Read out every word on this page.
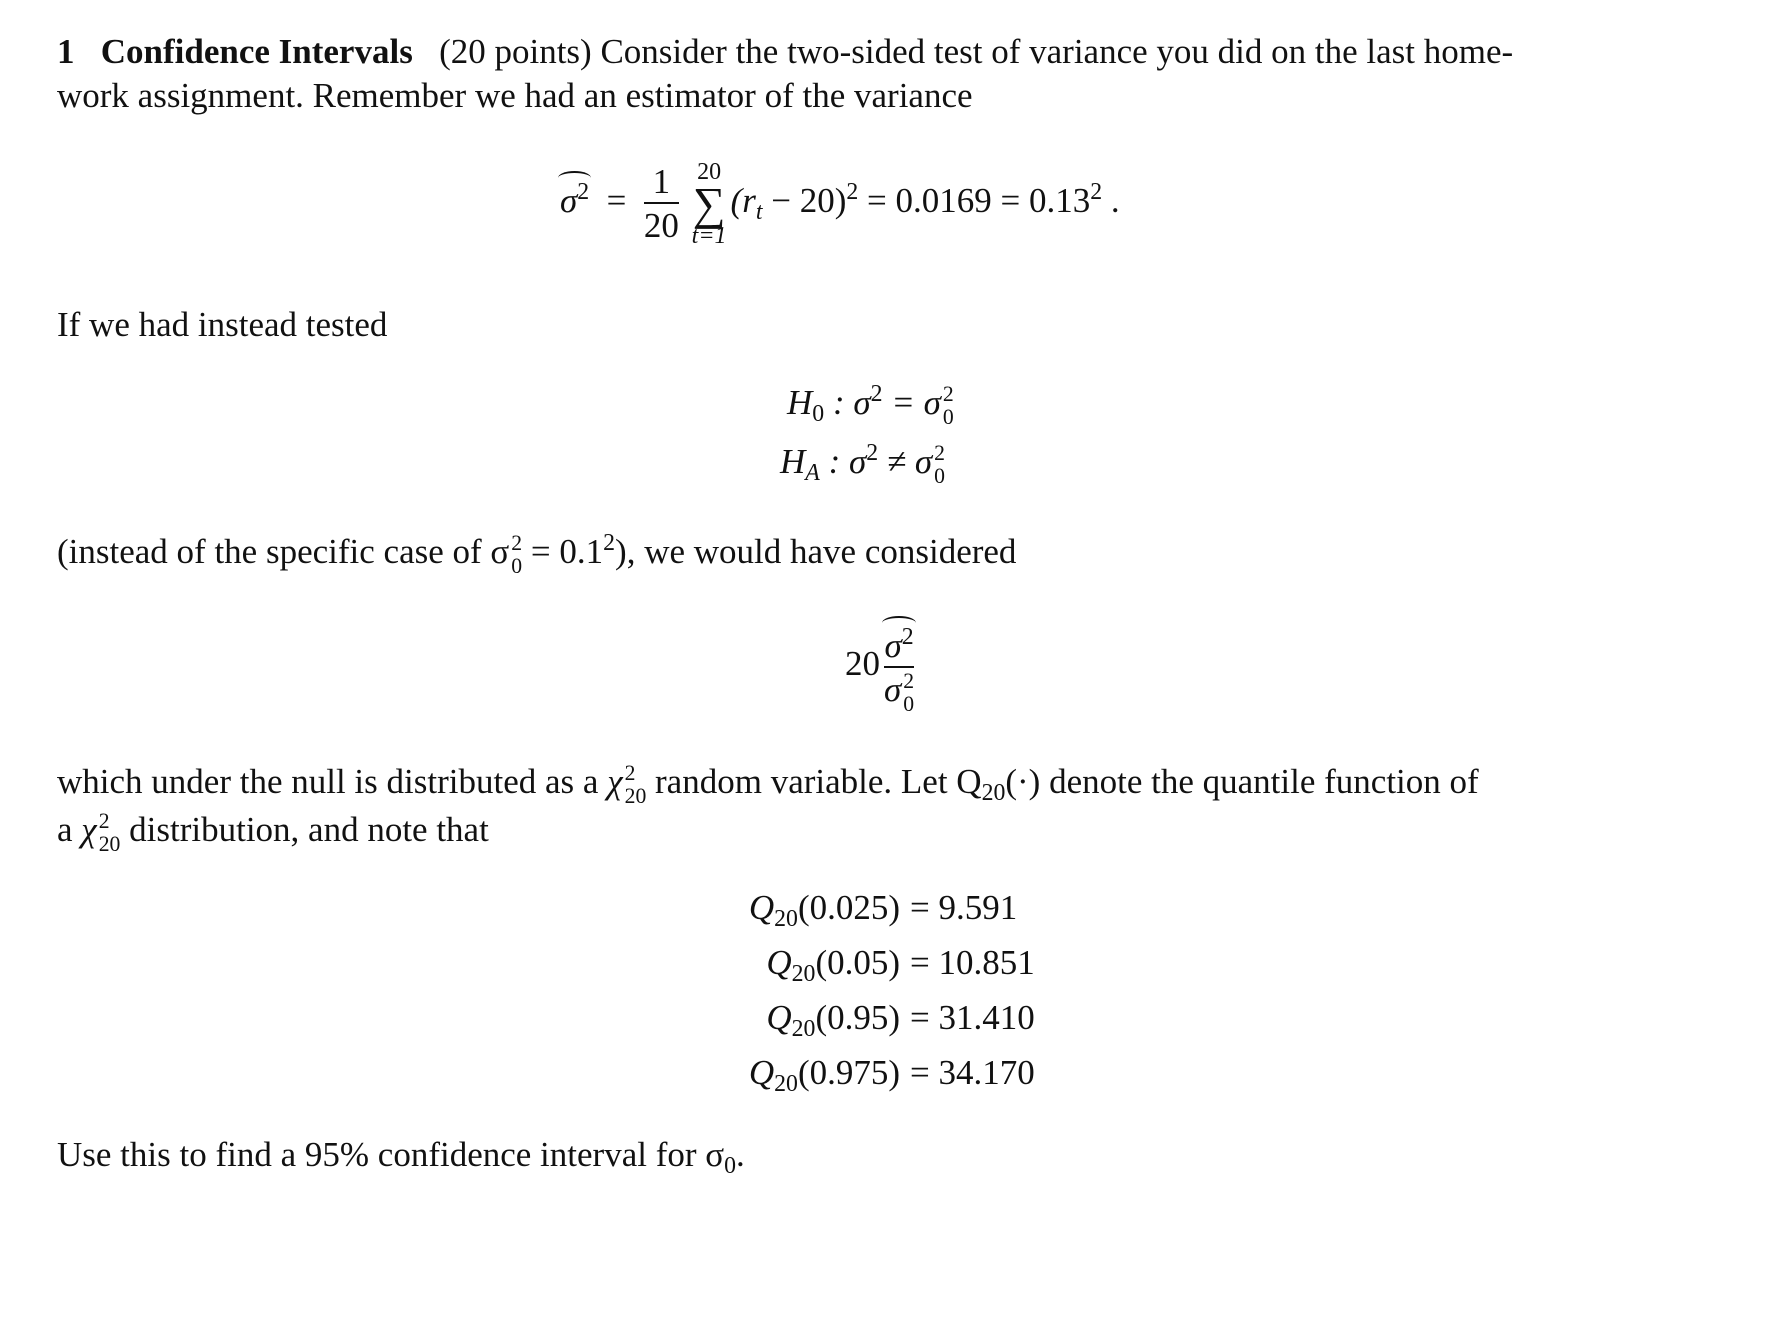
1 Confidence Intervals (20 points) Consider the two-sided test of variance you did on the last home-
work assignment. Remember we had an estimator of the variance

$\sigma^2 = \frac{1}{20}$
20
∑
t=1
$(r_t - 20)^2 = 0.0169 = 0.13^2$ .

If we had instead tested

$H_0$ : $\sigma^2 = \sigma$ 2
0
$H_A$ : $\sigma^2 \ne \sigma$ 2
0

(instead of the specific case of σ 2
$0 = 0.1^2$), we would have considered

20 $\sigma^2$
σ 2
0

which under the null is distributed as a χ 2
20 random variable. Let $Q_{20}(\cdot)$ denote the quantile function of
a χ 2
20 distribution, and note that

$Q_{20}(0.025) = 9.591$
$Q_{20}(0.05) = 10.851$
$Q_{20}(0.95) = 31.410$
$Q_{20}(0.975) = 34.170$

Use this to find a 95% confidence interval for $\sigma_0$.
